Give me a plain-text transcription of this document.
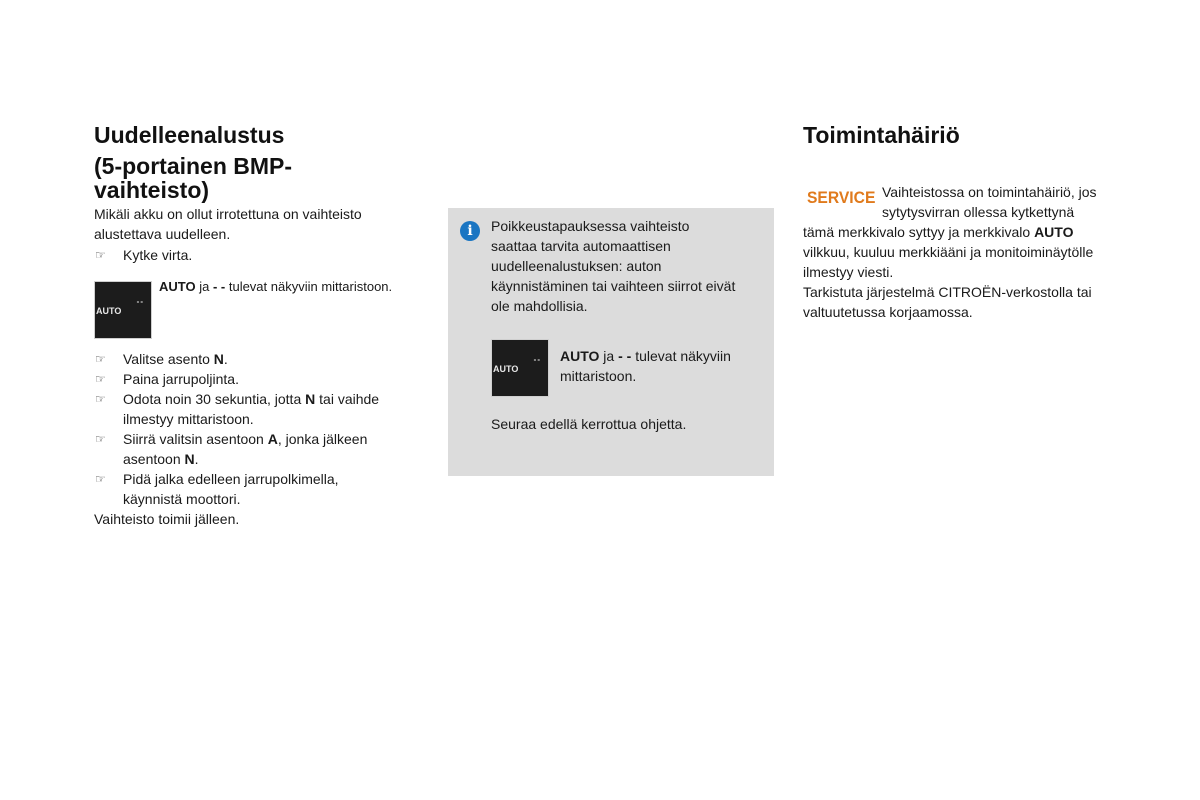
Uudelleenalustus
(5-portainen BMP-
vaihteisto)

Mikäli akku on ollut irrotettuna on vaihteisto

alustettava uudelleen.

☞ Kytke virta.
--
AUTO
AUTO ja - - tulevat näkyviin mittaristoon.
☞ Valitse asento N.
☞ Paina jarrupoljinta.
☞ Odota noin 30 sekuntia, jotta N tai vaihde
ilmestyy mittaristoon.
☞ Siirrä valitsin asentoon A, jonka jälkeen
asentoon N.
☞ Pidä jalka edelleen jarrupolkimella,
käynnistä moottori.

Vaihteisto toimii jälleen.

i	Poikkeustapauksessa vaihteisto

saattaa tarvita automaattisen

uudelleenalustuksen: auton

käynnistäminen tai vaihteen siirrot eivät

ole mahdollisia.

--
AUTO
AUTO ja - - tulevat näkyviin
mittaristoon.

Seuraa edellä kerrottua ohjetta.

Toimintahäiriö
SERVICE Vaihteistossa on toimintahäiriö, jos

sytytysvirran ollessa kytkettynä

tämä merkkivalo syttyy ja merkkivalo AUTO

vilkkuu, kuuluu merkkiääni ja monitoiminäytölle

ilmestyy viesti.

Tarkistuta järjestelmä CITROËN-verkostolla tai

valtuutetussa korjaamossa.
